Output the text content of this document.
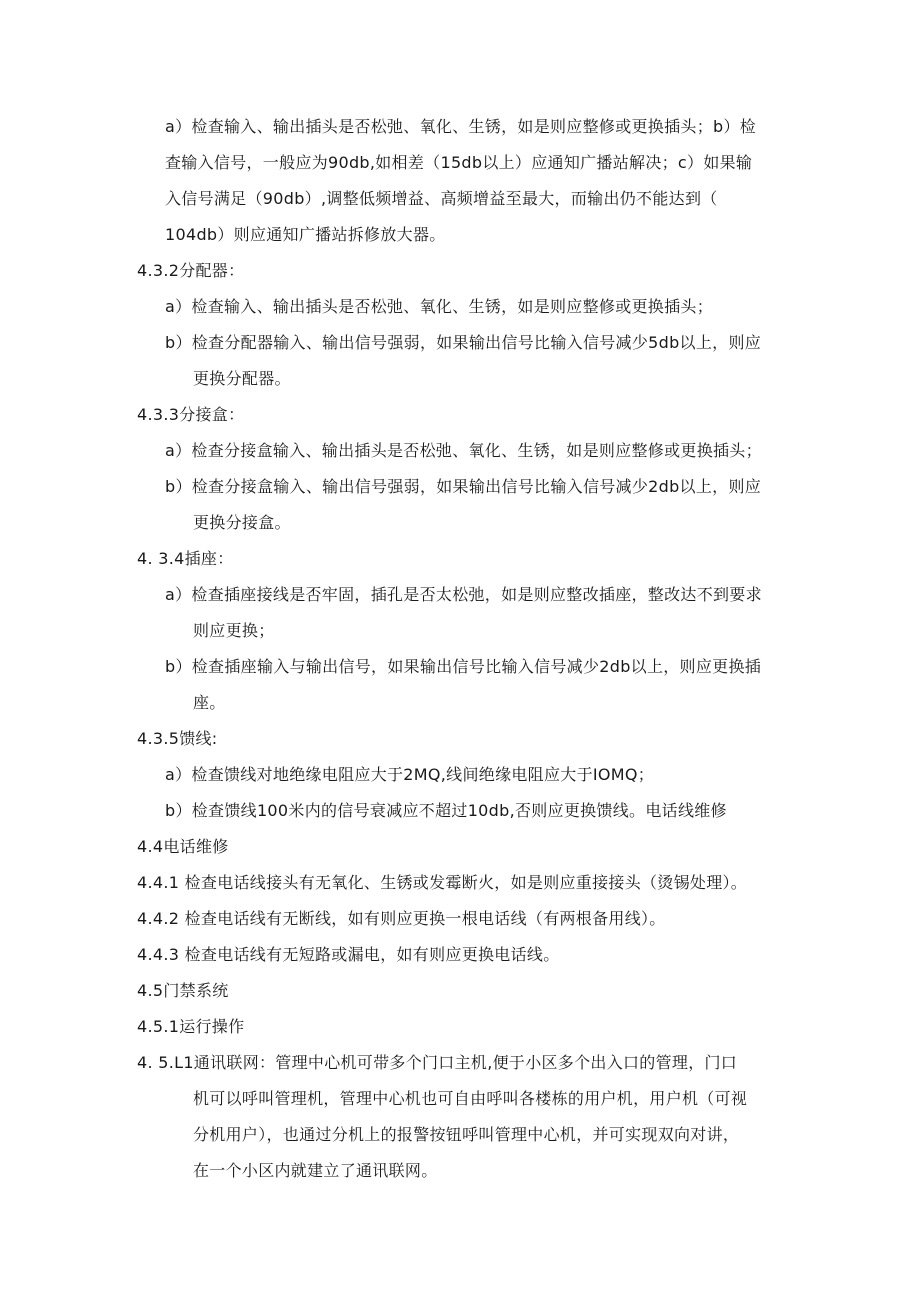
a）检查输入、输出插头是否松弛、氧化、生锈，如是则应整修或更换插头；b）检
查输入信号，一般应为90db,如相差（15db以上）应通知广播站解决；c）如果输
入信号满足（90db）,调整低频增益、高频增益至最大，而输出仍不能达到（
104db）则应通知广播站拆修放大器。
4.3.2分配器：
a）检查输入、输出插头是否松弛、氧化、生锈，如是则应整修或更换插头；
b）检查分配器输入、输出信号强弱，如果输出信号比输入信号减少5db以上，则应
更换分配器。
4.3.3分接盒：
a）检查分接盒输入、输出插头是否松弛、氧化、生锈，如是则应整修或更换插头；
b）检查分接盒输入、输出信号强弱，如果输出信号比输入信号减少2db以上，则应
更换分接盒。
4. 3.4插座：
a）检查插座接线是否牢固，插孔是否太松弛，如是则应整改插座，整改达不到要求
则应更换；
b）检查插座输入与输出信号，如果输出信号比输入信号减少2db以上，则应更换插
座。
4.3.5馈线:
a）检查馈线对地绝缘电阻应大于2MQ,线间绝缘电阻应大于IOMQ；
b）检查馈线100米内的信号衰减应不超过10db,否则应更换馈线。电话线维修
4.4电话维修
4.4.1 检查电话线接头有无氧化、生锈或发霉断火，如是则应重接接头（烫锡处理）。
4.4.2 检查电话线有无断线，如有则应更换一根电话线（有两根备用线）。
4.4.3 检查电话线有无短路或漏电，如有则应更换电话线。
4.5门禁系统
4.5.1运行操作
4. 5.L1通讯联网：管理中心机可带多个门口主机,便于小区多个出入口的管理，门口
机可以呼叫管理机，管理中心机也可自由呼叫各楼栋的用户机，用户机（可视
分机用户），也通过分机上的报警按钮呼叫管理中心机，并可实现双向对讲，
在一个小区内就建立了通讯联网。
